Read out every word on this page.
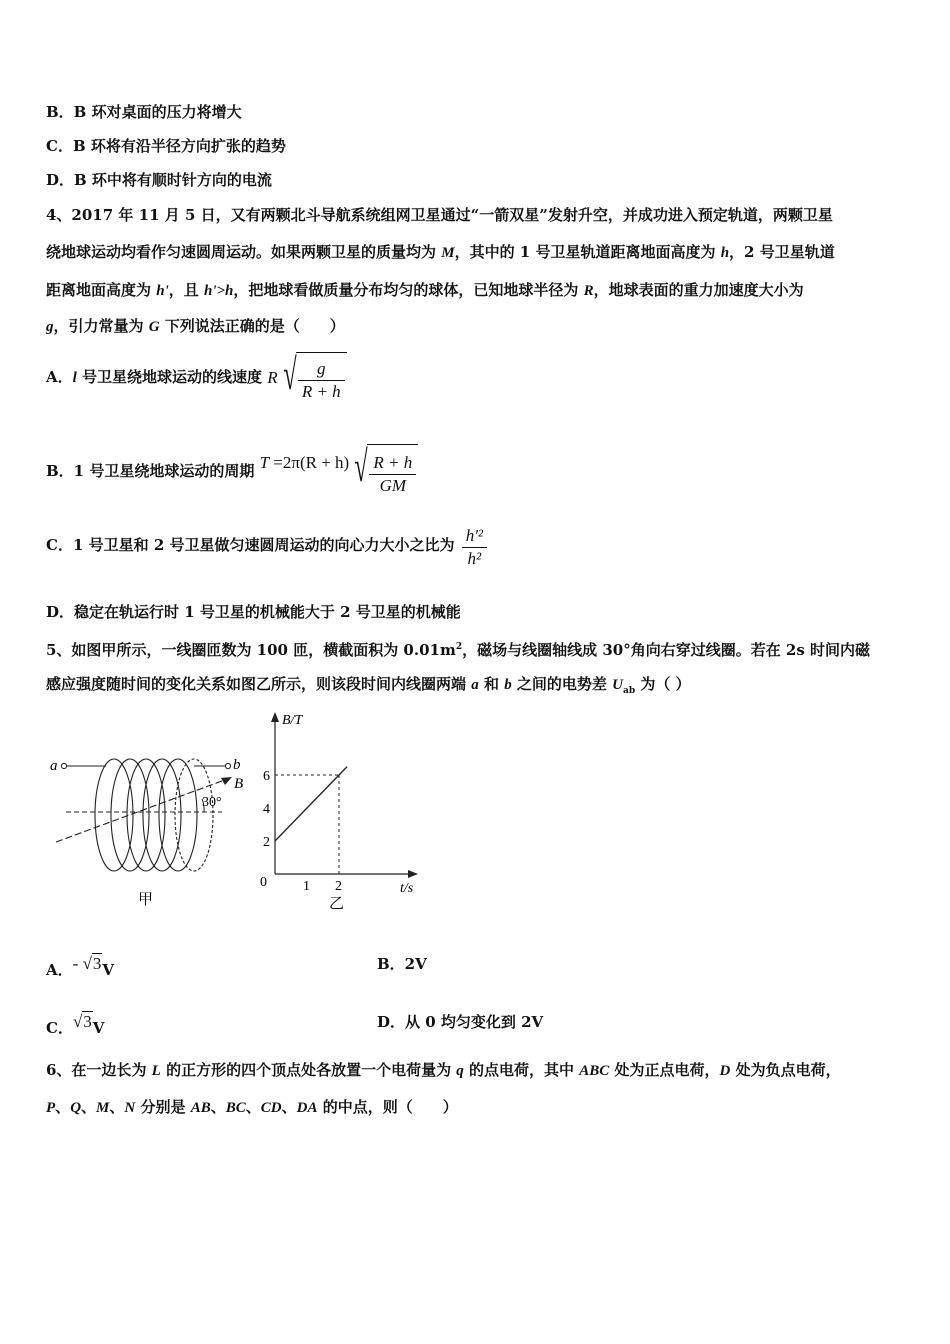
B．B 环对桌面的压力将增大
C．B 环将有沿半径方向扩张的趋势
D．B 环中将有顺时针方向的电流
4、2017 年 11 月 5 日，又有两颗北斗导航系统组网卫星通过“一箭双星”发射升空，并成功进入预定轨道，两颗卫星
绕地球运动均看作匀速圆周运动。如果两颗卫星的质量均为 M，其中的 1 号卫星轨道距离地面高度为 h，2 号卫星轨道
距离地面高度为 h'，且 h'>h，把地球看做质量分布均匀的球体，已知地球半径为 R，地球表面的重力加速度大小为
g，引力常量为 G 下列说法正确的是（　　）
A．l 号卫星绕地球运动的线速度 R √ $\frac{g}{R + h}$
B．1 号卫星绕地球运动的周期 T =2π(R + h) √ $\frac{R + h}{GM}$
C．1 号卫星和 2 号卫星做匀速圆周运动的向心力大小之比为 $\frac{\text{h'²}}{\text{h²}}$
D．稳定在轨运行时 1 号卫星的机械能大于 2 号卫星的机械能
5、如图甲所示，一线圈匝数为 100 匝，横截面积为 $0.01m^2$，磁场与线圈轴线成 30°角向右穿过线圈。若在 2s 时间内磁
感应强度随时间的变化关系如图乙所示，则该段时间内线圈两端 a 和 b 之间的电势差 $U_{ab}$ 为（ ）
a	b
B
30°
甲
B/T
t/s
0
2
4
6
1 2
乙
A．- √3V	B．2V
C．√3V	D．从 0 均匀变化到 2V
6、在一边长为 L 的正方形的四个顶点处各放置一个电荷量为 q 的点电荷，其中 ABC 处为正点电荷，D 处为负点电荷，
P、Q、M、N 分别是 AB、BC、CD、DA 的中点，则（　　）
